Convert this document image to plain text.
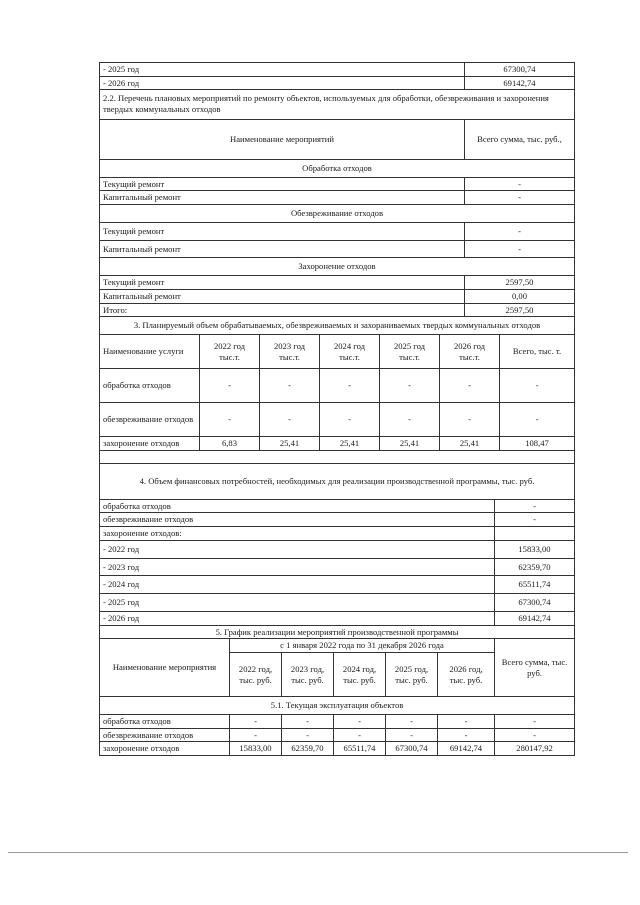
- 2025 год	67300,74
- 2026 год	69142,74
2.2. Перечень плановых мероприятий по ремонту объектов, используемых для обработки, обезвреживания и захоронения твердых коммунальных отходов	
Наименование мероприятий	Всего сумма, тыс. руб.,
Обработка отходов	
Текущий ремонт	-
Капитальный ремонт	-
Обезвреживание отходов	
Текущий ремонт	-
Капитальный ремонт	-
Захоронение отходов	
Текущий ремонт	2597,50
Капитальный ремонт	0,00
Итого:	2597,50
3. Планируемый объем обрабатываемых, обезвреживаемых и захораниваемых твердых коммунальных отходов						
Наименование услуги	2022 год тыс.т.	2023 год тыс.т.	2024 год тыс.т.	2025 год тыс.т.	2026 год тыс.т.	Всего, тыс. т.
обработка отходов	-	-	-	-	-	-
обезвреживание отходов	-	-	-	-	-	-
захоронение отходов	6,83	25,41	25,41	25,41	25,41	108,47

4. Объем финансовых потребностей, необходимых для реализации производственной программы, тыс. руб.	
обработка отходов	-
обезвреживание отходов	-
захоронение отходов:	
- 2022 год	15833,00
- 2023 год	62359,70
- 2024 год	65511,74
- 2025 год	67300,74
- 2026 год	69142,74
5. График реализации мероприятий производственной программы						
Наименование мероприятия	с 1 января 2022 года по 31 декабря 2026 года					Всего сумма, тыс. руб.
	2022 год, тыс. руб.	2023 год, тыс. руб.	2024 год, тыс. руб.	2025 год, тыс. руб.	2026 год, тыс. руб.	
5.1. Текущая эксплуатация объектов						
обработка отходов	-	-	-	-	-	-
обезвреживание отходов	-	-	-	-	-	-
захоронение отходов	15833,00	62359,70	65511,74	67300,74	69142,74	280147,92
